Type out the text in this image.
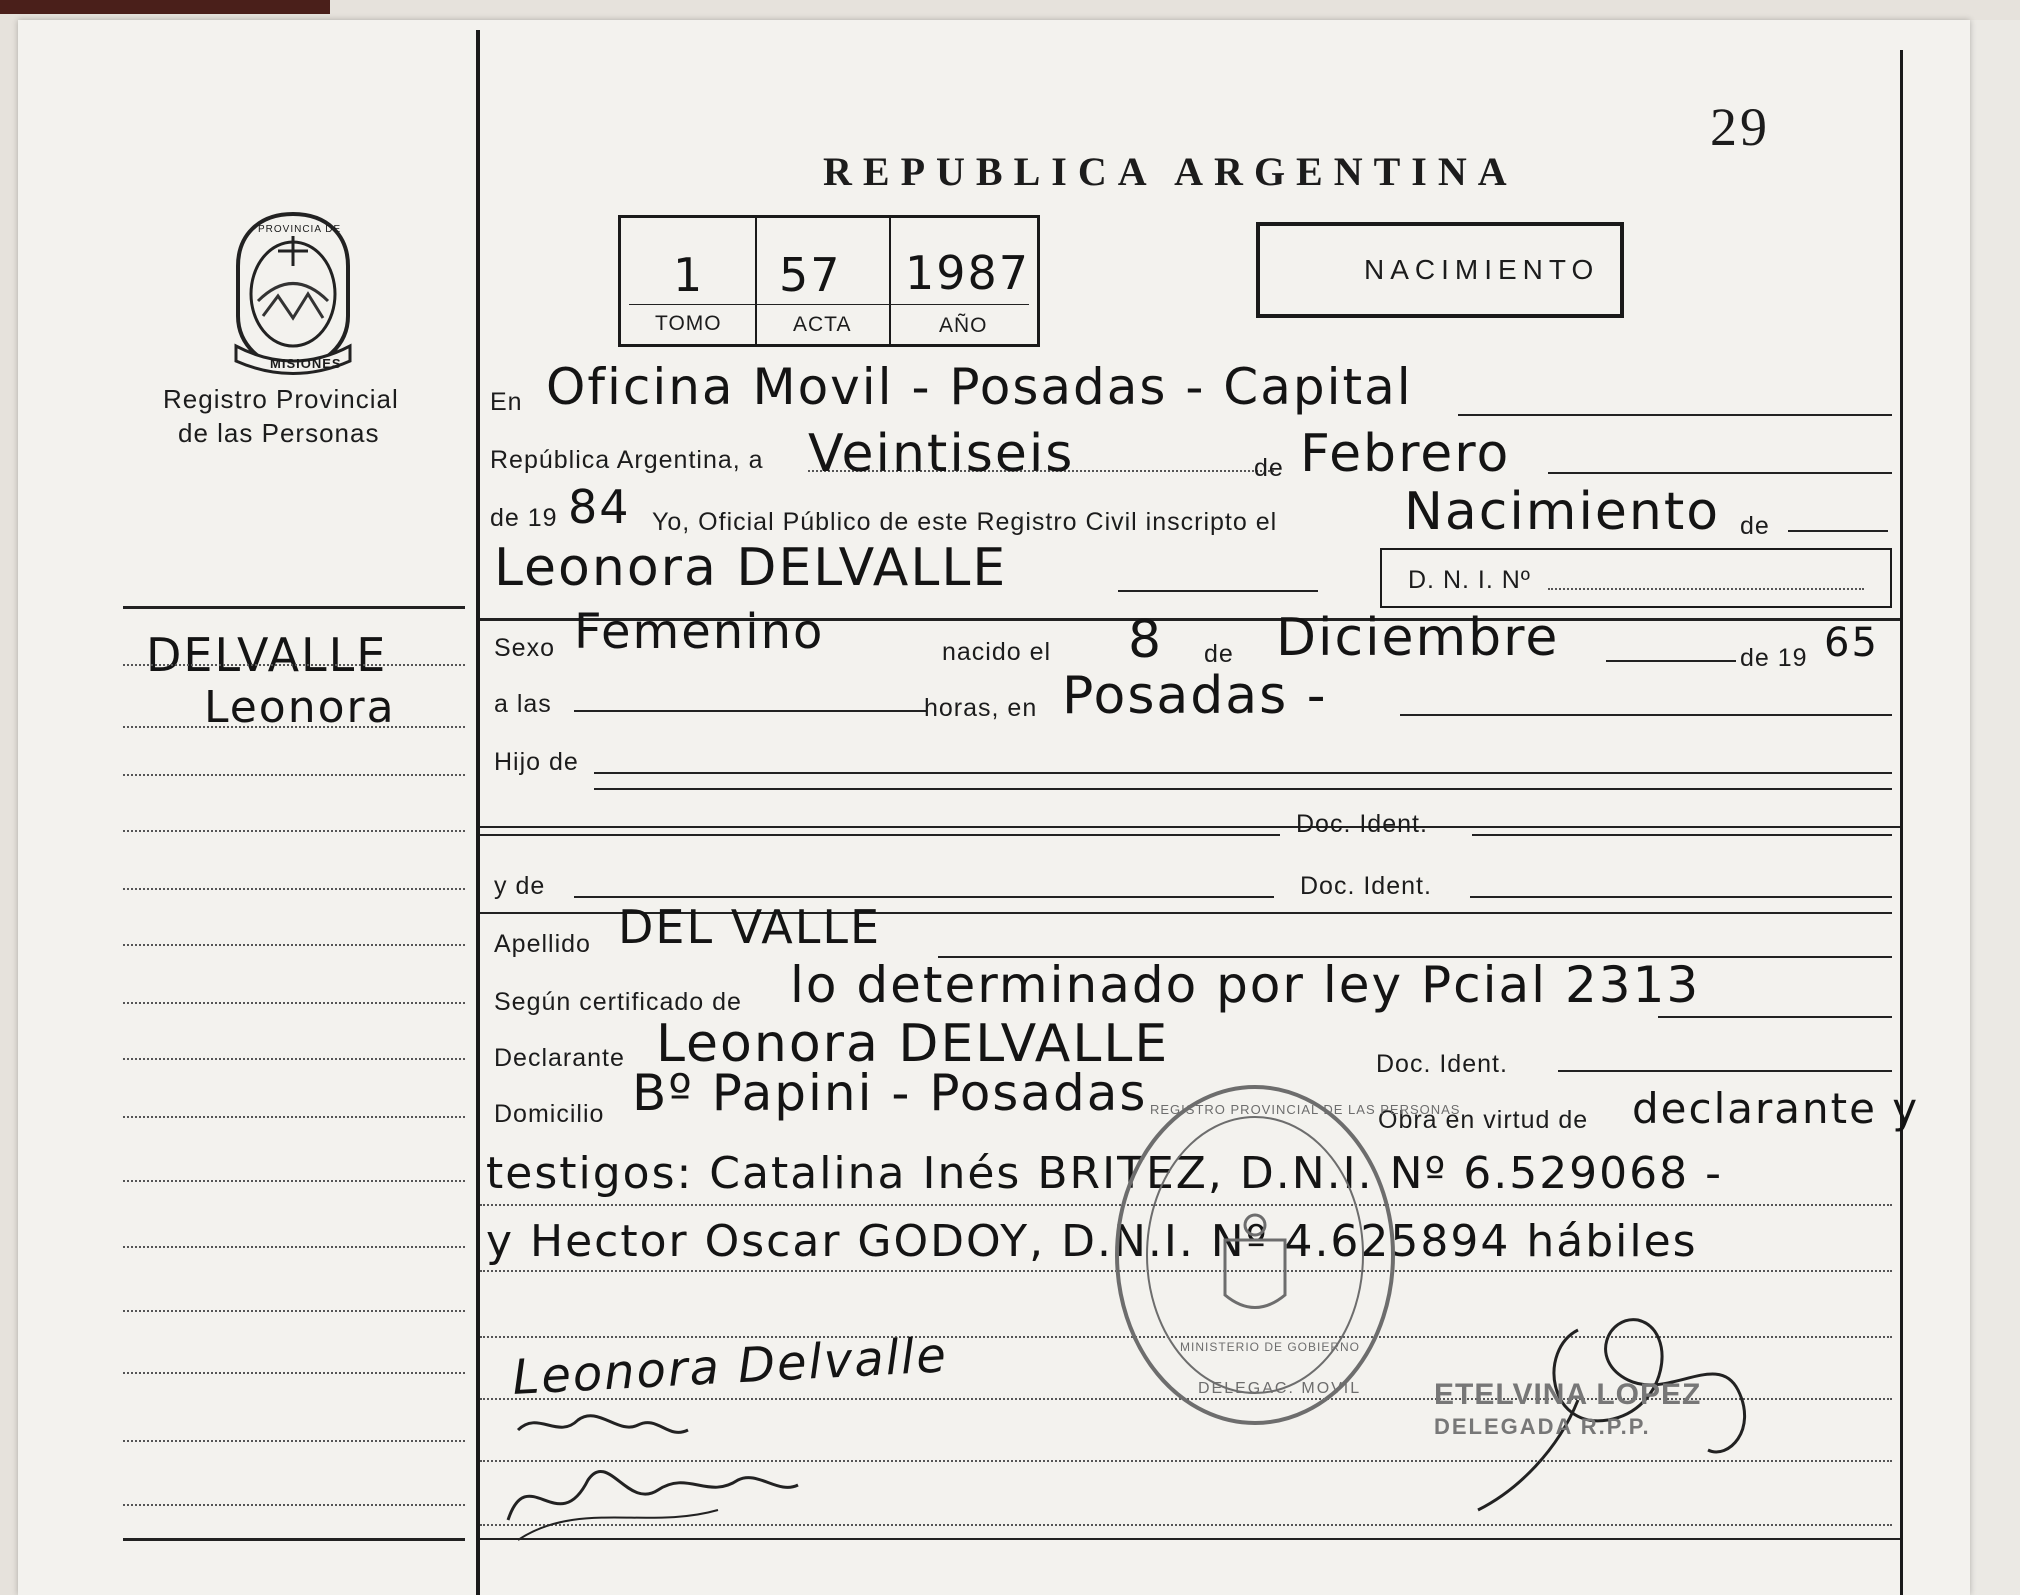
29
REPUBLICA ARGENTINA
NACIMIENTO
1 57 1987
TOMO	ACTA	AÑO
PROVINCIA DE
MISIONES
Registro Provincial
de las Personas
DELVALLE
Leonora
En Oficina Movil - Posadas - Capital
República Argentina, a Veintiseis	de Febrero
de 19 84 Yo, Oficial Público de este Registro Civil inscripto el Nacimiento de
Leonora DELVALLE	D. N. I. Nº
Sexo Femenino	nacido el 8 de Diciembre	de 19 65
a las	horas, en Posadas -
Hijo de
Doc. Ident.
y de	Doc. Ident.
Apellido DEL VALLE
Según certificado de lo determinado por ley Pcial 2313
Declarante Leonora DELVALLE	Doc. Ident.
Domicilio Bº Papini - Posadas	Obra en virtud de declarante y
testigos: Catalina Inés BRITEZ, D.N.I. Nº 6.529068 -
y Hector Oscar GODOY, D.N.I. Nº 4.625894 hábiles
Leonora Delvalle
REGISTRO PROVINCIAL DE LAS PERSONAS
MINISTERIO DE GOBIERNO
DELEGAC. MOVIL ETELVINA LOPEZ
DELEGADA R.P.P.
